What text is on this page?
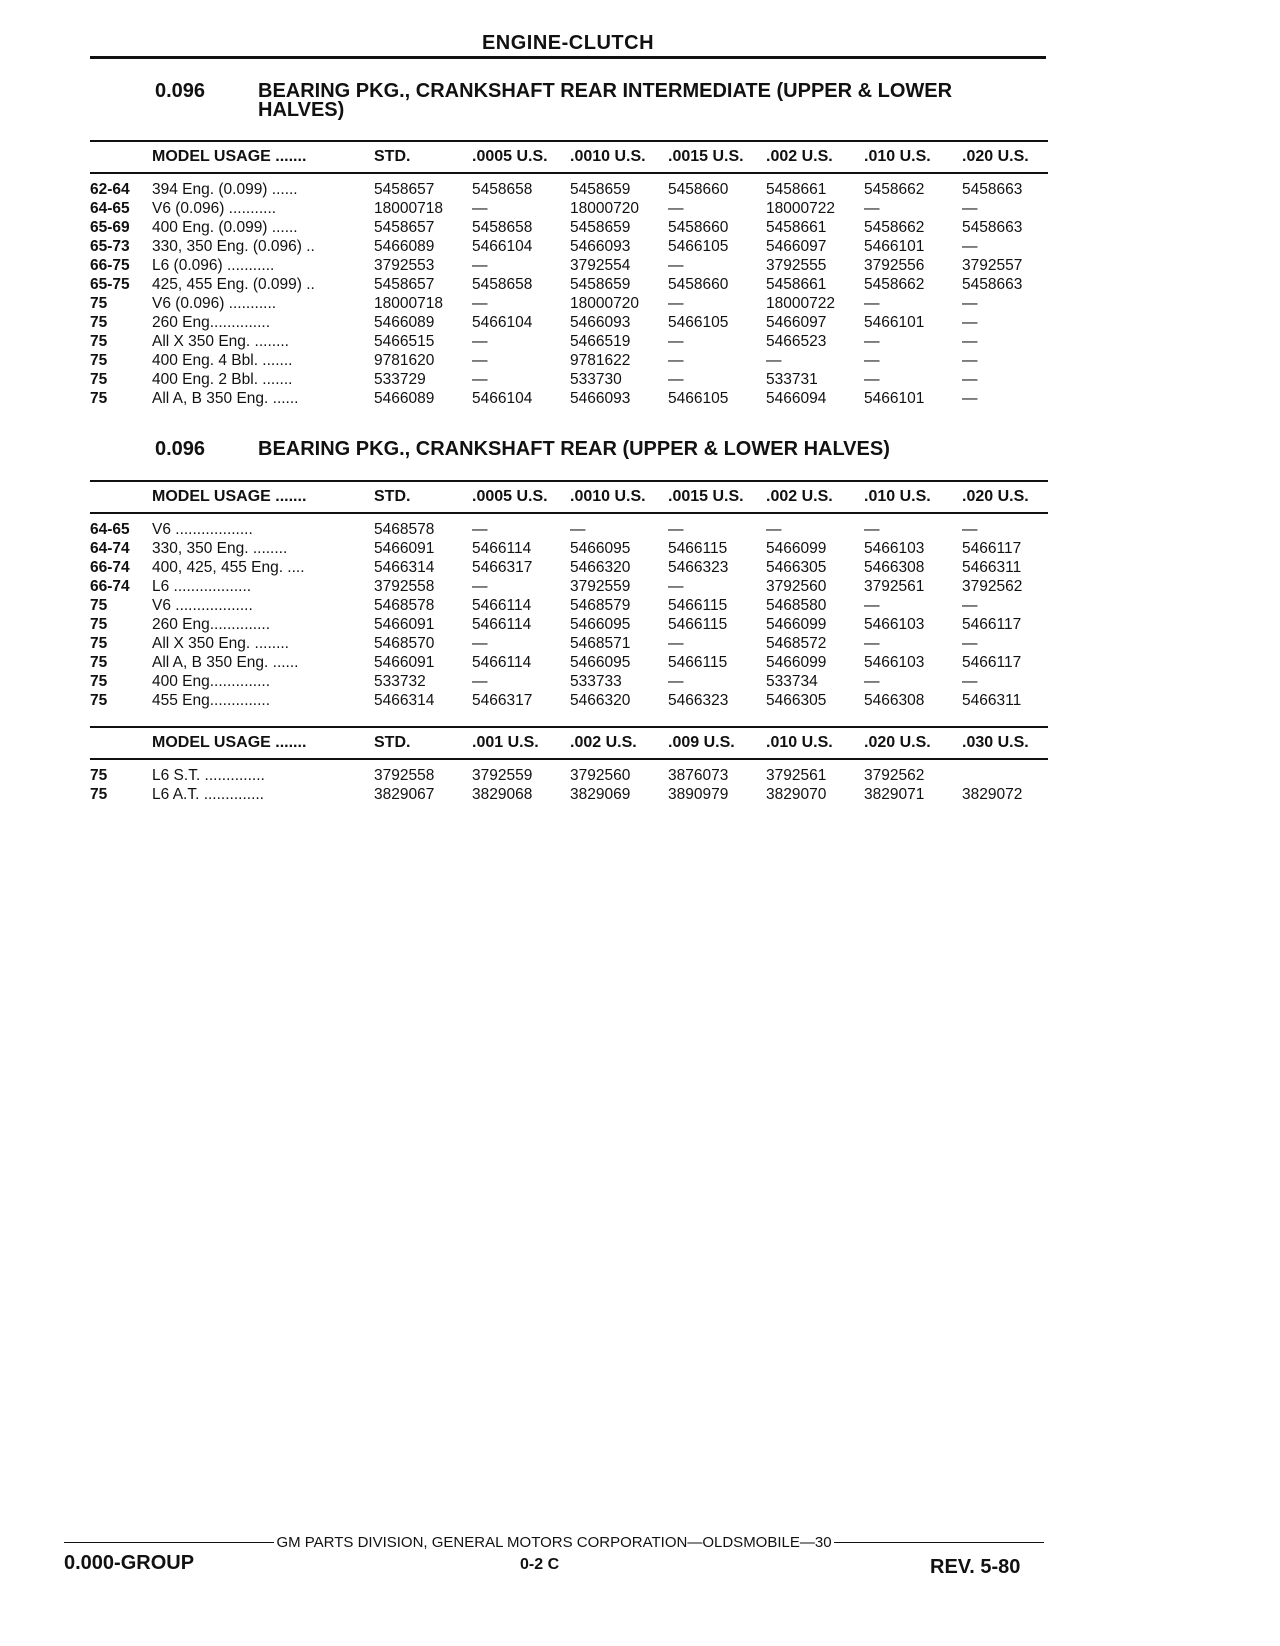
ENGINE-CLUTCH
0.096	BEARING PKG., CRANKSHAFT REAR INTERMEDIATE (UPPER & LOWER HALVES)
	MODEL USAGE .......	STD.	.0005 U.S.	.0010 U.S.	.0015 U.S.	.002 U.S.	.010 U.S.	.020 U.S.
62-64	394 Eng. (0.099) ......	5458657	5458658	5458659	5458660	5458661	5458662	5458663
64-65	V6 (0.096) ...........	18000718	—	18000720	—	18000722	—	—
65-69	400 Eng. (0.099) ......	5458657	5458658	5458659	5458660	5458661	5458662	5458663
65-73	330, 350 Eng. (0.096) ..	5466089	5466104	5466093	5466105	5466097	5466101	—
66-75	L6 (0.096) ...........	3792553	—	3792554	—	3792555	3792556	3792557
65-75	425, 455 Eng. (0.099) ..	5458657	5458658	5458659	5458660	5458661	5458662	5458663
75	V6 (0.096) ...........	18000718	—	18000720	—	18000722	—	—
75	260 Eng..............	5466089	5466104	5466093	5466105	5466097	5466101	—
75	All X 350 Eng. ........	5466515	—	5466519	—	5466523	—	—
75	400 Eng. 4 Bbl. .......	9781620	—	9781622	—	—	—	—
75	400 Eng. 2 Bbl. .......	533729	—	533730	—	533731	—	—
75	All A, B 350 Eng. ......	5466089	5466104	5466093	5466105	5466094	5466101	—
0.096	BEARING PKG., CRANKSHAFT REAR (UPPER & LOWER HALVES)
	MODEL USAGE .......	STD.	.0005 U.S.	.0010 U.S.	.0015 U.S.	.002 U.S.	.010 U.S.	.020 U.S.
64-65	V6 ..................	5468578	—	—	—	—	—	—
64-74	330, 350 Eng. ........	5466091	5466114	5466095	5466115	5466099	5466103	5466117
66-74	400, 425, 455 Eng. ....	5466314	5466317	5466320	5466323	5466305	5466308	5466311
66-74	L6 ..................	3792558	—	3792559	—	3792560	3792561	3792562
75	V6 ..................	5468578	5466114	5468579	5466115	5468580	—	—
75	260 Eng..............	5466091	5466114	5466095	5466115	5466099	5466103	5466117
75	All X 350 Eng. ........	5468570	—	5468571	—	5468572	—	—
75	All A, B 350 Eng. ......	5466091	5466114	5466095	5466115	5466099	5466103	5466117
75	400 Eng..............	533732	—	533733	—	533734	—	—
75	455 Eng..............	5466314	5466317	5466320	5466323	5466305	5466308	5466311
	MODEL USAGE .......	STD.	.001 U.S.	.002 U.S.	.009 U.S.	.010 U.S.	.020 U.S.	.030 U.S.
75	L6 S.T. ..............	3792558	3792559	3792560	3876073	3792561	3792562	
75	L6 A.T. ..............	3829067	3829068	3829069	3890979	3829070	3829071	3829072
GM PARTS DIVISION, GENERAL MOTORS CORPORATION—OLDSMOBILE—30
0.000-GROUP	0-2 C	REV. 5-80
